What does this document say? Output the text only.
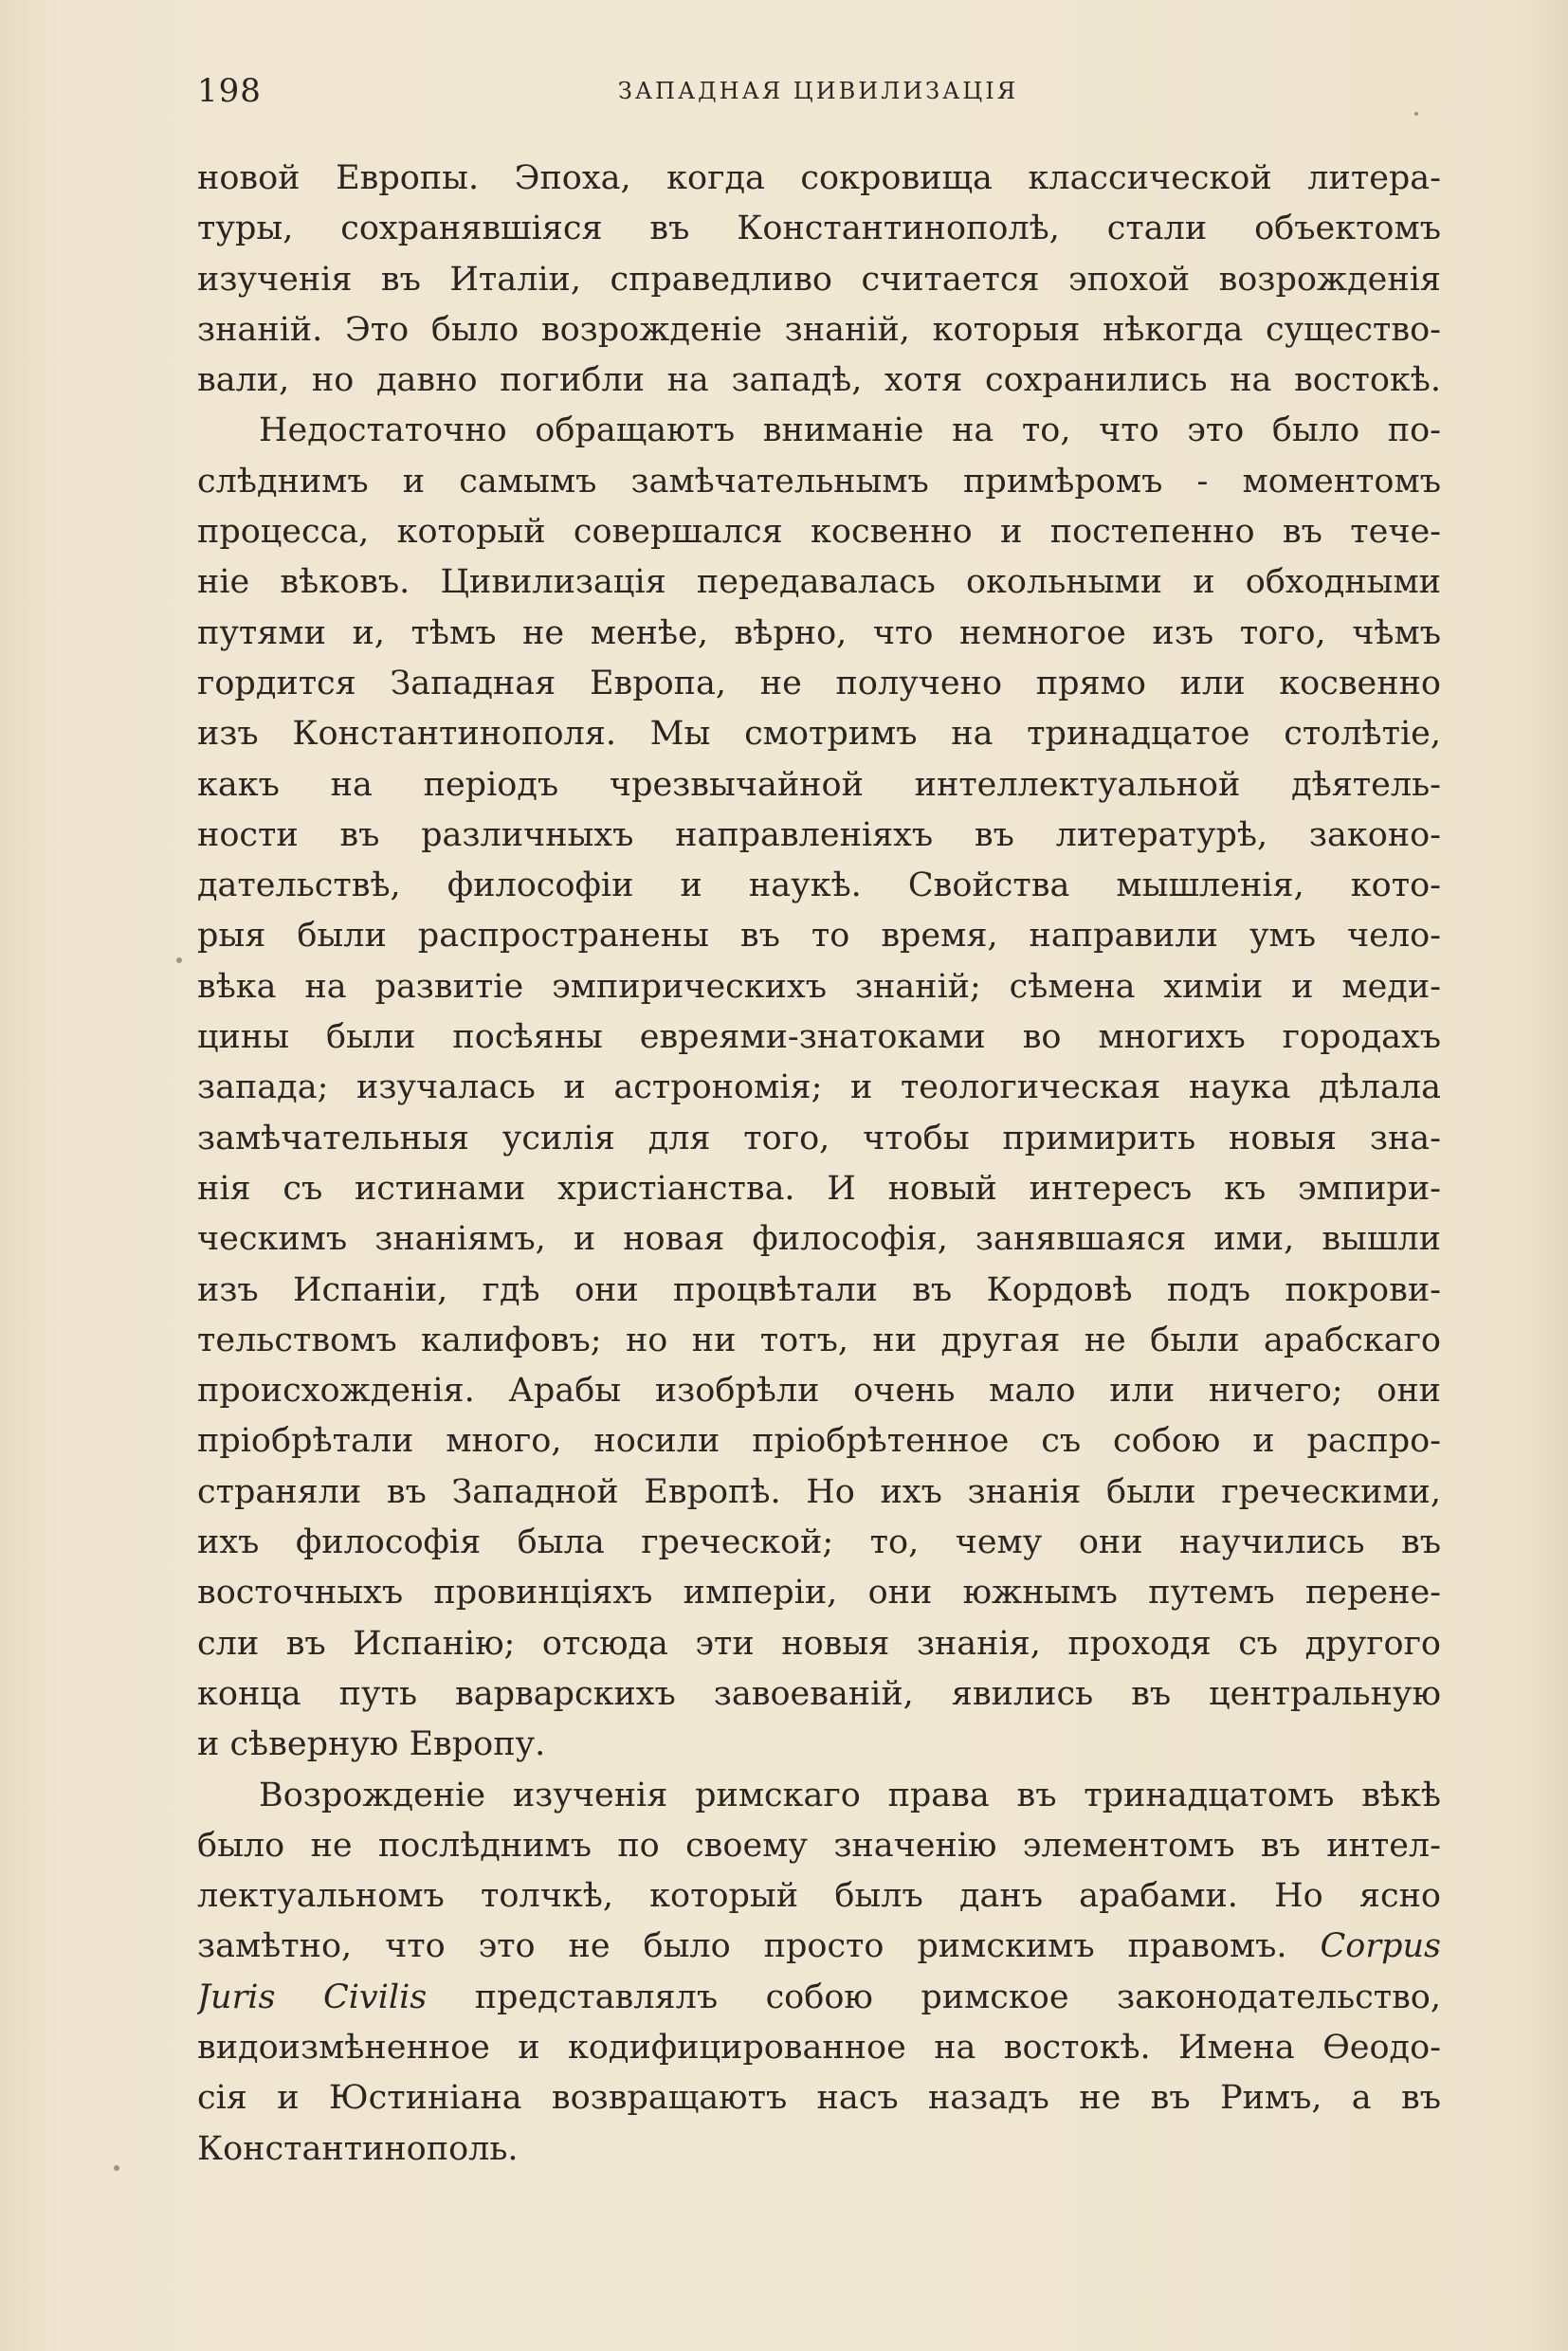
198	ЗАПАДНАЯ ЦИВИЛИЗАЦІЯ
новой Европы. Эпоха, когда сокровища классической литера-
туры, сохранявшіяся въ Константинополѣ, стали объектомъ
изученія въ Италіи, справедливо считается эпохой возрожденія
знаній. Это было возрожденіе знаній, которыя нѣкогда существо-
вали, но давно погибли на западѣ, хотя сохранились на востокѣ.
Недостаточно обращаютъ вниманіе на то, что это было по-
слѣднимъ и самымъ замѣчательнымъ примѣромъ - моментомъ
процесса, который совершался косвенно и постепенно въ тече-
ніе вѣковъ. Цивилизація передавалась окольными и обходными
путями и, тѣмъ не менѣе, вѣрно, что немногое изъ того, чѣмъ
гордится Западная Европа, не получено прямо или косвенно
изъ Константинополя. Мы смотримъ на тринадцатое столѣтіе,
какъ на періодъ чрезвычайной интеллектуальной дѣятель-
ности въ различныхъ направленіяхъ въ литературѣ, законо-
дательствѣ, философіи и наукѣ. Свойства мышленія, кото-
рыя были распространены въ то время, направили умъ чело-
вѣка на развитіе эмпирическихъ знаній; сѣмена химіи и меди-
цины были посѣяны евреями-знатоками во многихъ городахъ
запада; изучалась и астрономія; и теологическая наука дѣлала
замѣчательныя усилія для того, чтобы примирить новыя зна-
нія съ истинами христіанства. И новый интересъ къ эмпири-
ческимъ знаніямъ, и новая философія, занявшаяся ими, вышли
изъ Испаніи, гдѣ они процвѣтали въ Кордовѣ подъ покрови-
тельствомъ калифовъ; но ни тотъ, ни другая не были арабскаго
происхожденія. Арабы изобрѣли очень мало или ничего; они
пріобрѣтали много, носили пріобрѣтенное съ собою и распро-
страняли въ Западной Европѣ. Но ихъ знанія были греческими,
ихъ философія была греческой; то, чему они научились въ
восточныхъ провинціяхъ имперіи, они южнымъ путемъ перене-
сли въ Испанію; отсюда эти новыя знанія, проходя съ другого
конца путь варварскихъ завоеваній, явились въ центральную
и сѣверную Европу.
Возрожденіе изученія римскаго права въ тринадцатомъ вѣкѣ
было не послѣднимъ по своему значенію элементомъ въ интел-
лектуальномъ толчкѣ, который былъ данъ арабами. Но ясно
замѣтно, что это не было просто римскимъ правомъ. Corpus
Juris Civilis представлялъ собою римское законодательство,
видоизмѣненное и кодифицированное на востокѣ. Имена Ѳеодо-
сія и Юстиніана возвращаютъ насъ назадъ не въ Римъ, а въ
Константинополь.
